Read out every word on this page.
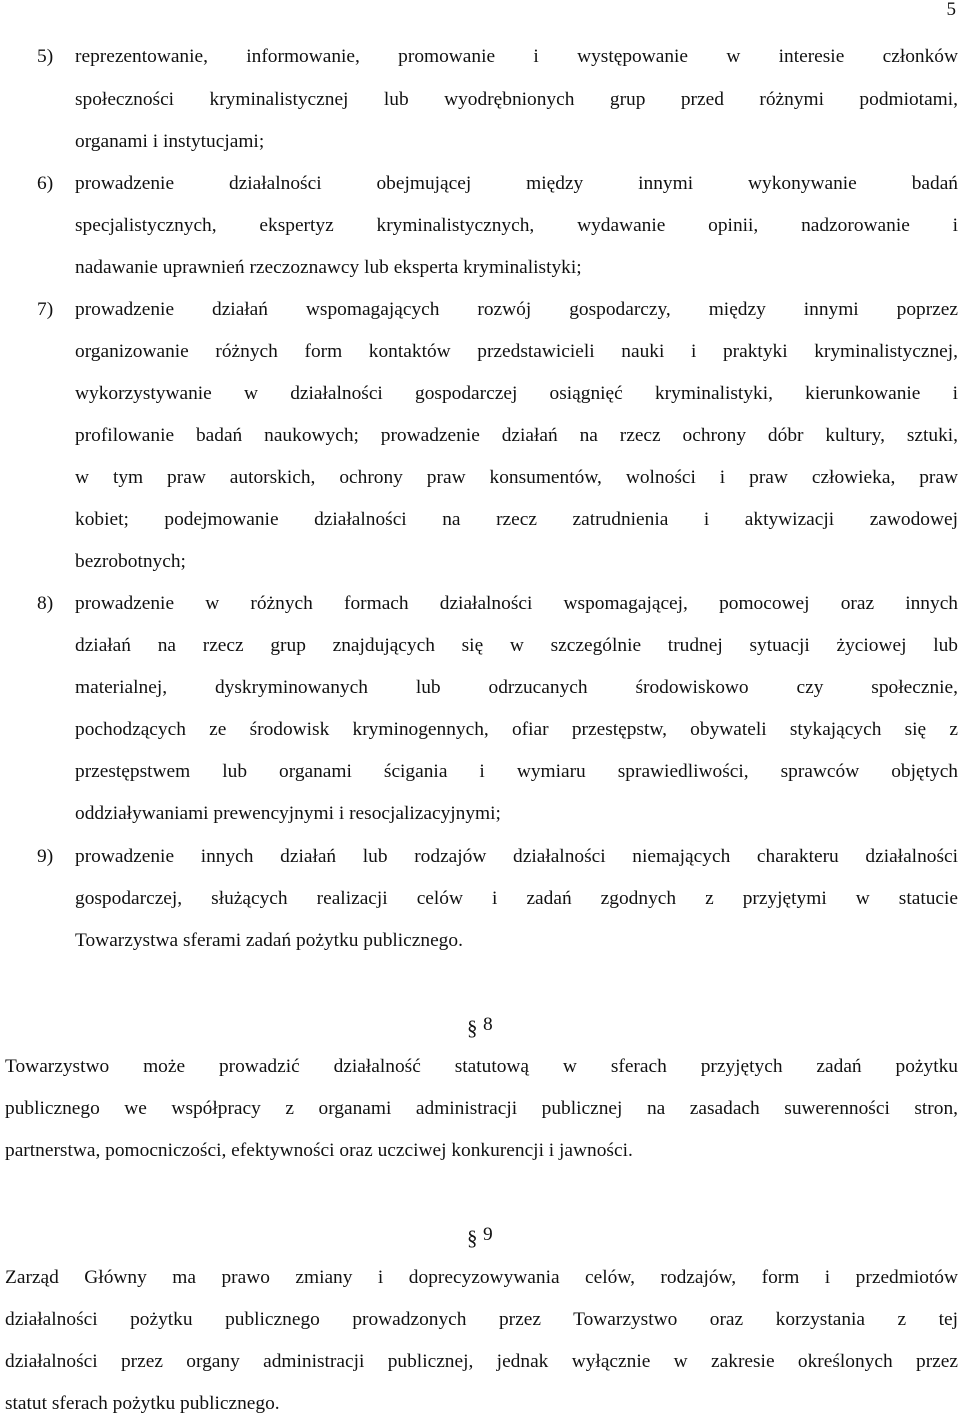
5
5) reprezentowanie, informowanie, promowanie i występowanie w interesie członków
społeczności kryminalistycznej lub wyodrębnionych grup przed różnymi podmiotami,
organami i instytucjami;
6) prowadzenie działalności obejmującej między innymi wykonywanie badań
specjalistycznych, ekspertyz kryminalistycznych, wydawanie opinii, nadzorowanie i
nadawanie uprawnień rzeczoznawcy lub eksperta kryminalistyki;
7) prowadzenie działań wspomagających rozwój gospodarczy, między innymi poprzez
organizowanie różnych form kontaktów przedstawicieli nauki i praktyki kryminalistycznej,
wykorzystywanie w działalności gospodarczej osiągnięć kryminalistyki, kierunkowanie i
profilowanie badań naukowych; prowadzenie działań na rzecz ochrony dóbr kultury, sztuki,
w tym praw autorskich, ochrony praw konsumentów, wolności i praw człowieka, praw
kobiet; podejmowanie działalności na rzecz zatrudnienia i aktywizacji zawodowej
bezrobotnych;
8) prowadzenie w różnych formach działalności wspomagającej, pomocowej oraz innych
działań na rzecz grup znajdujących się w szczególnie trudnej sytuacji życiowej lub
materialnej, dyskryminowanych lub odrzucanych środowiskowo czy społecznie,
pochodzących ze środowisk kryminogennych, ofiar przestępstw, obywateli stykających się z
przestępstwem lub organami ścigania i wymiaru sprawiedliwości, sprawców objętych
oddziaływaniami prewencyjnymi i resocjalizacyjnymi;
9) prowadzenie innych działań lub rodzajów działalności niemających charakteru działalności
gospodarczej, służących realizacji celów i zadań zgodnych z przyjętymi w statucie
Towarzystwa sferami zadań pożytku publicznego.
§ 8
Towarzystwo może prowadzić działalność statutową w sferach przyjętych zadań pożytku
publicznego we współpracy z organami administracji publicznej na zasadach suwerenności stron,
partnerstwa, pomocniczości, efektywności oraz uczciwej konkurencji i jawności.
§ 9
Zarząd Główny ma prawo zmiany i doprecyzowywania celów, rodzajów, form i przedmiotów
działalności pożytku publicznego prowadzonych przez Towarzystwo oraz korzystania z tej
działalności przez organy administracji publicznej, jednak wyłącznie w zakresie określonych przez
statut sferach pożytku publicznego.
